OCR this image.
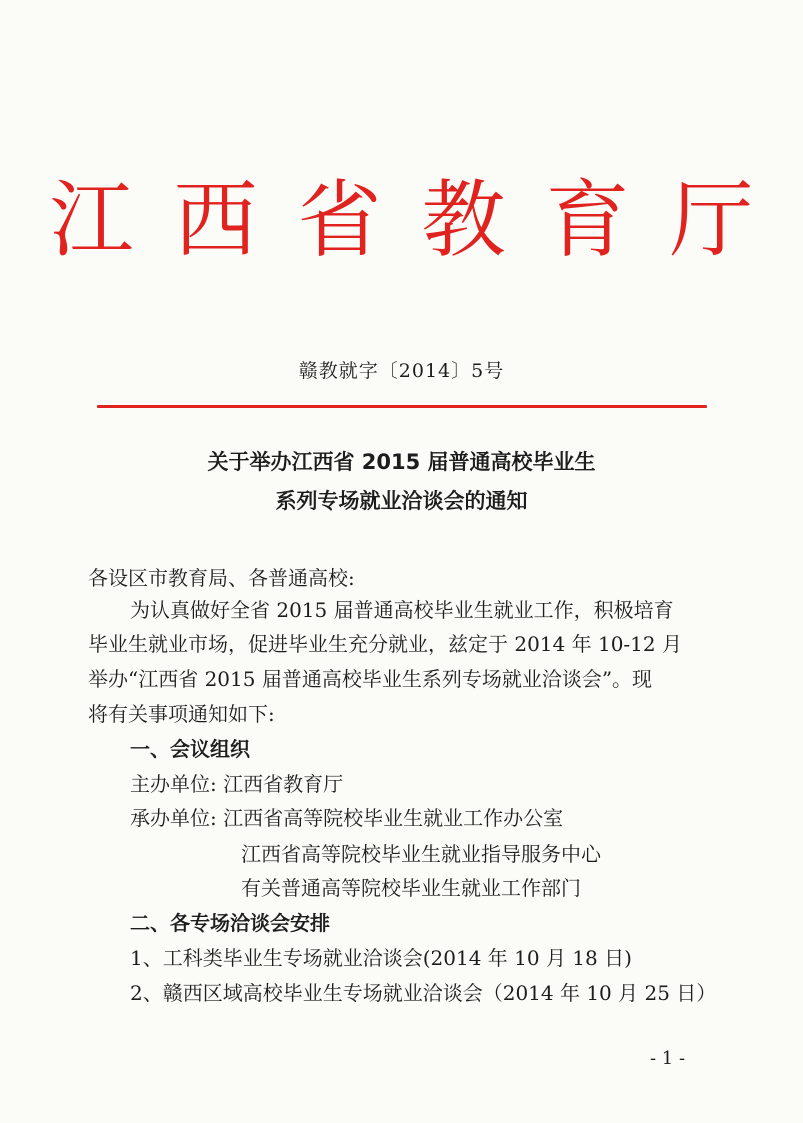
江西省教育厅
赣教就字〔2014〕5号
关于举办江西省 2015 届普通高校毕业生
系列专场就业洽谈会的通知
各设区市教育局、各普通高校:
为认真做好全省 2015 届普通高校毕业生就业工作，积极培育
毕业生就业市场，促进毕业生充分就业，兹定于 2014 年 10-12 月
举办“江西省 2015 届普通高校毕业生系列专场就业洽谈会”。现
将有关事项通知如下:
一、会议组织
主办单位: 江西省教育厅
承办单位: 江西省高等院校毕业生就业工作办公室
江西省高等院校毕业生就业指导服务中心
有关普通高等院校毕业生就业工作部门
二、各专场洽谈会安排
1、工科类毕业生专场就业洽谈会(2014 年 10 月 18 日)
2、赣西区域高校毕业生专场就业洽谈会（2014 年 10 月 25 日）
- 1 -
